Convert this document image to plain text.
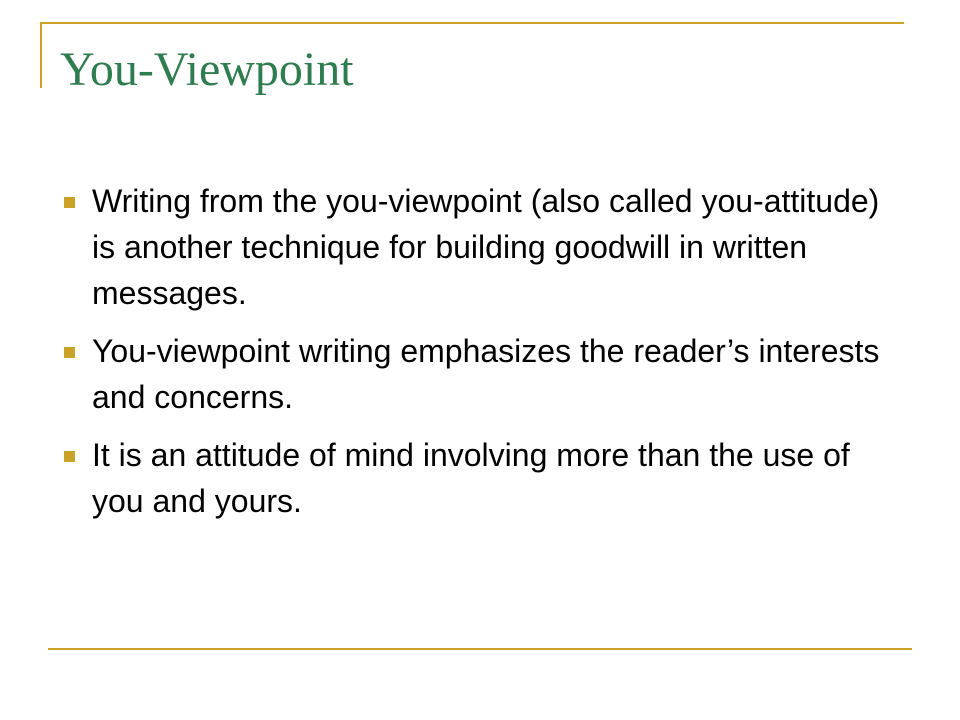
You-Viewpoint
Writing from the you-viewpoint (also called you-attitude) is another technique for building goodwill in written messages.
You-viewpoint writing emphasizes the reader’s interests and concerns.
It is an attitude of mind involving more than the use of you and yours.
